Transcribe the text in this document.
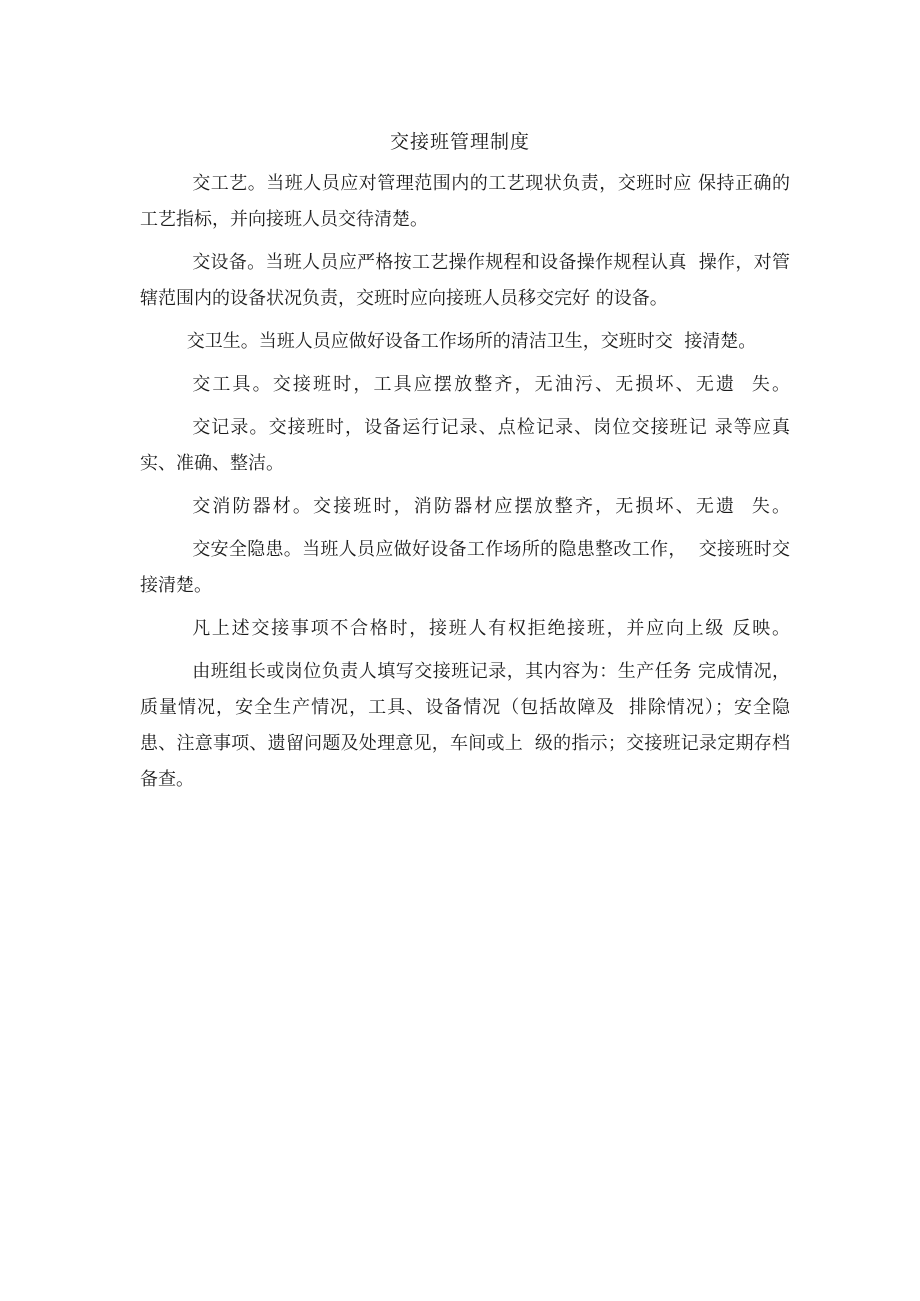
交接班管理制度

交工艺。当班人员应对管理范围内的工艺现状负责，交班时应 保持正确的工艺指标，并向接班人员交待清楚。

交设备。当班人员应严格按工艺操作规程和设备操作规程认真  操作，对管辖范围内的设备状况负责，交班时应向接班人员移交完好 的设备。

交卫生。当班人员应做好设备工作场所的清洁卫生，交班时交  接清楚。

交工具。交接班时，工具应摆放整齐，无油污、无损坏、无遗  失。

交记录。交接班时，设备运行记录、点检记录、岗位交接班记 录等应真实、准确、整洁。

交消防器材。交接班时，消防器材应摆放整齐，无损坏、无遗  失。

交安全隐患。当班人员应做好设备工作场所的隐患整改工作，  交接班时交接清楚。

凡上述交接事项不合格时，接班人有权拒绝接班，并应向上级 反映。

由班组长或岗位负责人填写交接班记录，其内容为：生产任务 完成情况，质量情况，安全生产情况，工具、设备情况（包括故障及  排除情况）；安全隐患、注意事项、遗留问题及处理意见，车间或上  级的指示；交接班记录定期存档备查。
